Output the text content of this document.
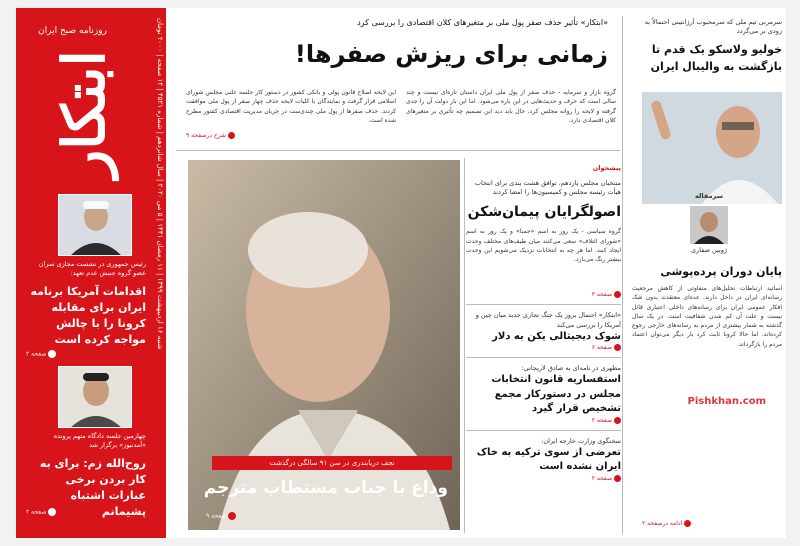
ابتکار
روزنامه صبح ایران	شنبه ۱۶ اردیبهشت ۱۳۹۹ | ۱۱ رمضان ۱۴۴۱ | ۵ می ۲۰۲۰ | سال شانزدهم | شماره ۴۵۲۱ | ۱۲ صفحه | ۲۰۰۰ تومان
رئیس جمهوری در نشست مجازی سران عضو گروه جنبش عدم تعهد:
اقدامات آمریکا برنامه ایران برای مقابله کرونا را با چالش مواجه کرده است
صفحه ۲
چهارمین جلسه دادگاه متهم پرونده «آمدنیوز» برگزار شد
روح‌الله زم: برای به کار بردن برخی عبارات اشتباه پشیمانم
صفحه ۲
«ابتکار» تأثیر حذف صفر پول ملی بر متغیرهای کلان اقتصادی را بررسی کرد
زمانی برای ریزش صفرها!
گروه بازار و سرمایه - حذف صفر از پول ملی ایران داستان تازه‌ای نیست و چند سالی است که حرف و حدیث‌هایی در این باره می‌شود. اما این بار دولت آن را جدی گرفته و لایحه را روانه مجلس کرد. حال باید دید این تصمیم چه تأثیری بر متغیرهای کلان اقتصادی دارد.
این لایحه اصلاح قانون پولی و بانکی کشور در دستور کار جلسه علنی مجلس شورای اسلامی قرار گرفت و نمایندگان با کلیات لایحه حذف چهار صفر از پول ملی موافقت کردند. حذف صفرها از پول ملی چندی‌ست در جریان مدیریت اقتصادی کشور مطرح شده است.
شرح درصفحه ۹
نجف دریابندری در سن ۹۱ سالگی درگذشت
وداع با جناب مستطاب مترجم
صفحه ۹
پیشخوان
منتخبان مجلس یازدهم، توافق هشت بندی برای انتخاب هیأت رئیسه مجلس و کمیسیون‌ها را امضا کردند
اصولگرایان پیمان‌شکن
گروه سیاسی - یک روز به اسم «جمنا» و یک روز به اسم «شورای ائتلاف» سعی می‌کنند میان طیف‌های مختلف وحدت ایجاد کنند. اما هر چه به انتخابات نزدیک می‌شویم این وحدت بیشتر رنگ می‌بازد.
صفحه ۳
«ابتکار» احتمال بروز یک جنگ تجاری جدید میان چین و آمریکا را بررسی می‌کند
شوک دیجیتالی یکن به دلار
صفحه ۶
مطهری در نامه‌ای به صادق لاریجانی:
استفساریه قانون انتخابات مجلس در دستورکار مجمع تشخیص قرار گیرد
صفحه ۲
سخنگوی وزارت خارجه ایران:
تعرضی از سوی ترکیه به خاک ایران نشده است
صفحه ۲
سرمربی تیم ملی که سرمحبوب آرژانتینی احتمالاً به زودی بر می‌گردد
خولیو ولاسکو یک قدم تا بازگشت به والیبال ایران
سرمقاله
ژوبین صفاری
پایان دوران پرده‌پوشی
اساتید ارتباطات تحلیل‌های متفاوتی از کاهش مرجعیت رسانه‌ای ایران در داخل دارند. عده‌ای معتقدند بدون شک افکار عمومی ایران برای رسانه‌های داخلی اعتباری قائل نیست و علت آن کم شدن شفافیت است. در یک سال گذشته به شمار بیشتری از مردم به رسانه‌های خارجی رجوع کرده‌اند. اما حالا کرونا ثابت کرد بار دیگر می‌توان اعتماد مردم را بازگرداند.
ادامه درصفحه ۲
Pishkhan.com
